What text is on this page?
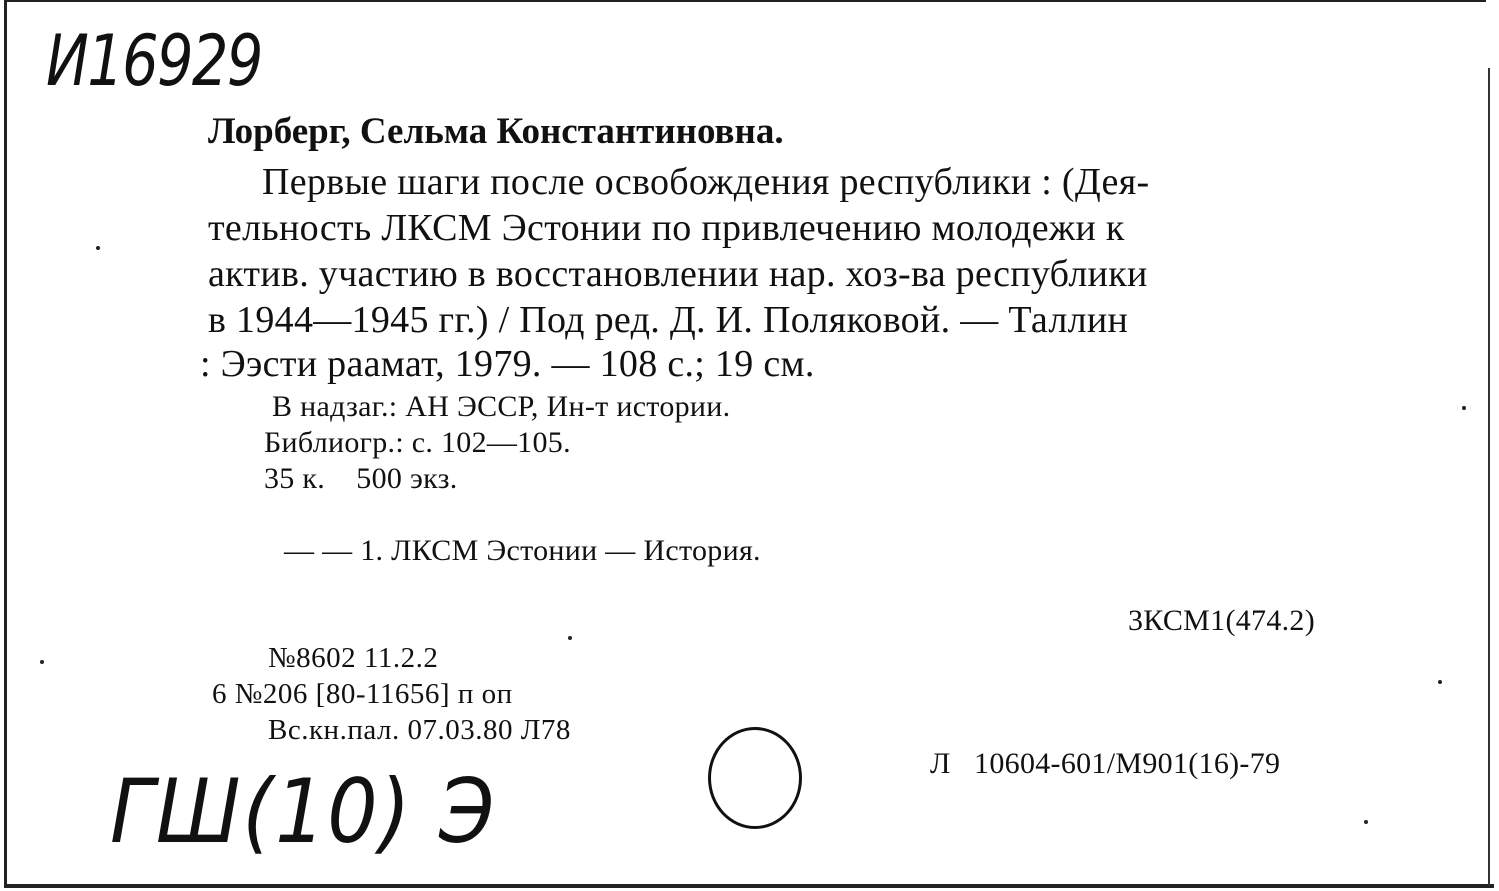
И16929
Лорберг, Сельма Константиновна.
Первые шаги после освобождения республики : (Дея-
тельность ЛКСМ Эстонии по привлечению молодежи к
актив. участию в восстановлении нар. хоз-ва республики
в 1944—1945 гг.) / Под ред. Д. И. Поляковой. — Таллин
: Ээсти раамат, 1979. — 108 с.; 19 см.
В надзаг.: АН ЭССР, Ин-т истории.
Библиогр.: с. 102—105.
35 к.    500 экз.
— — 1. ЛКСМ Эстонии — История.
3КСМ1(474.2)
№8602 11.2.2
6 №206 [80-11656] п оп
Вс.кн.пал. 07.03.80 Л78
Л   10604-601/М901(16)-79
ГШ(10) Э
